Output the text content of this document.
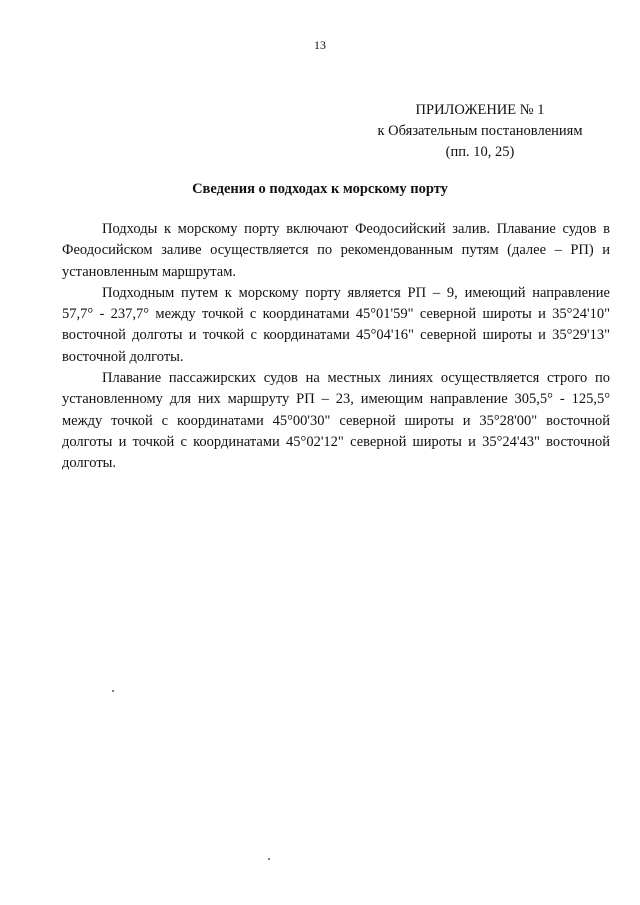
13
ПРИЛОЖЕНИЕ № 1
к Обязательным постановлениям
(пп. 10, 25)
Сведения о подходах к морскому порту

Подходы к морскому порту включают Феодосийский залив. Плавание судов в Феодосийском заливе осуществляется по рекомендованным путям (далее – РП) и установленным маршрутам.

Подходным путем к морскому порту является РП – 9, имеющий направление 57,7° - 237,7° между точкой с координатами 45°01'59" северной широты и 35°24'10" восточной долготы и точкой с координатами 45°04'16" северной широты и 35°29'13" восточной долготы.

Плавание пассажирских судов на местных линиях осуществляется строго по установленному для них маршруту РП – 23, имеющим направление 305,5° - 125,5° между точкой с координатами 45°00'30" северной широты и 35°28'00" восточной долготы и точкой с координатами 45°02'12" северной широты и 35°24'43" восточной долготы.
